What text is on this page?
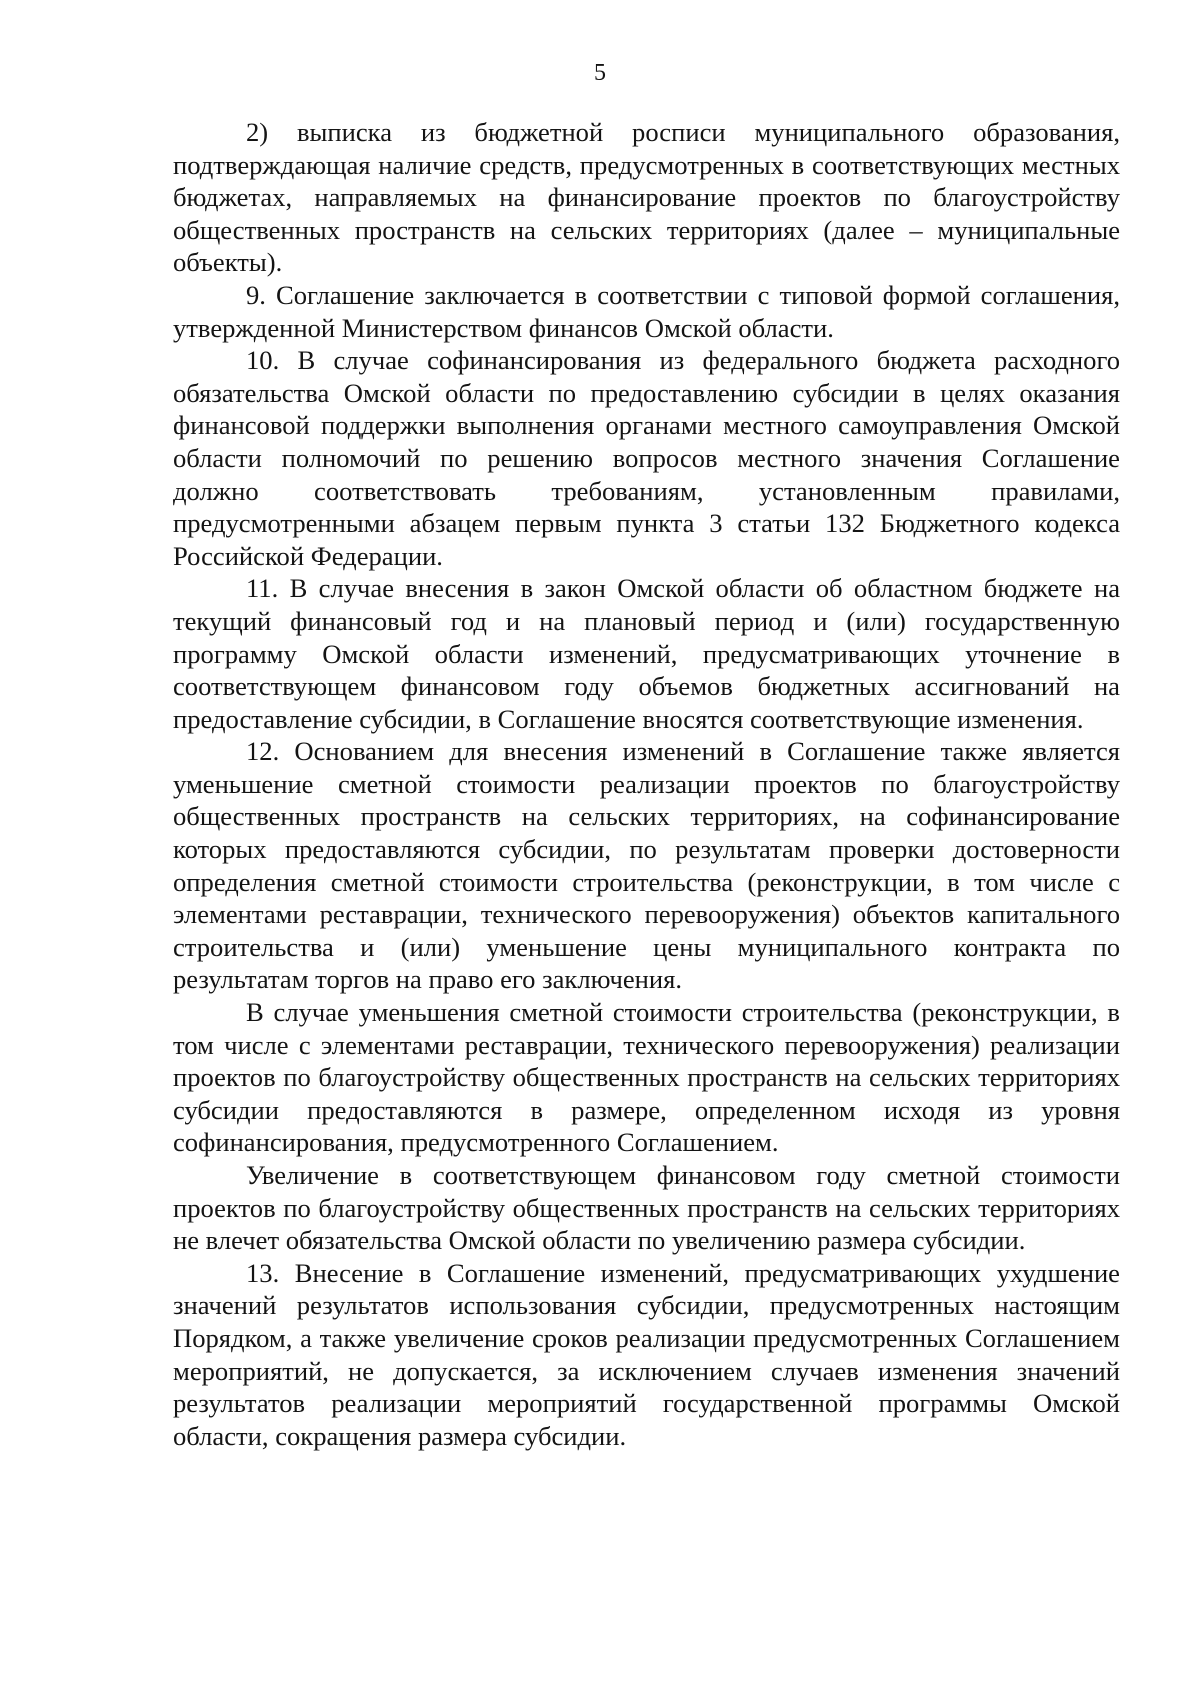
5

2) выписка из бюджетной росписи муниципального образования, подтверждающая наличие средств, предусмотренных в соответствующих местных бюджетах, направляемых на финансирование проектов по благоустройству общественных пространств на сельских территориях (далее – муниципальные объекты).

9. Соглашение заключается в соответствии с типовой формой соглашения, утвержденной Министерством финансов Омской области.

10. В случае софинансирования из федерального бюджета расходного обязательства Омской области по предоставлению субсидии в целях оказания финансовой поддержки выполнения органами местного самоуправления Омской области полномочий по решению вопросов местного значения Соглашение должно соответствовать требованиям, установленным правилами, предусмотренными абзацем первым пункта 3 статьи 132 Бюджетного кодекса Российской Федерации.

11. В случае внесения в закон Омской области об областном бюджете на текущий финансовый год и на плановый период и (или) государственную программу Омской области изменений, предусматривающих уточнение в соответствующем финансовом году объемов бюджетных ассигнований на предоставление субсидии, в Соглашение вносятся соответствующие изменения.

12. Основанием для внесения изменений в Соглашение также является уменьшение сметной стоимости реализации проектов по благоустройству общественных пространств на сельских территориях, на софинансирование которых предоставляются субсидии, по результатам проверки достоверности определения сметной стоимости строительства (реконструкции, в том числе с элементами реставрации, технического перевооружения) объектов капитального строительства и (или) уменьшение цены муниципального контракта по результатам торгов на право его заключения.

В случае уменьшения сметной стоимости строительства (реконструкции, в том числе с элементами реставрации, технического перевооружения) реализации проектов по благоустройству общественных пространств на сельских территориях субсидии предоставляются в размере, определенном исходя из уровня софинансирования, предусмотренного Соглашением.

Увеличение в соответствующем финансовом году сметной стоимости проектов по благоустройству общественных пространств на сельских территориях не влечет обязательства Омской области по увеличению размера субсидии.

13. Внесение в Соглашение изменений, предусматривающих ухудшение значений результатов использования субсидии, предусмотренных настоящим Порядком, а также увеличение сроков реализации предусмотренных Соглашением мероприятий, не допускается, за исключением случаев изменения значений результатов реализации мероприятий государственной программы Омской области, сокращения размера субсидии.
